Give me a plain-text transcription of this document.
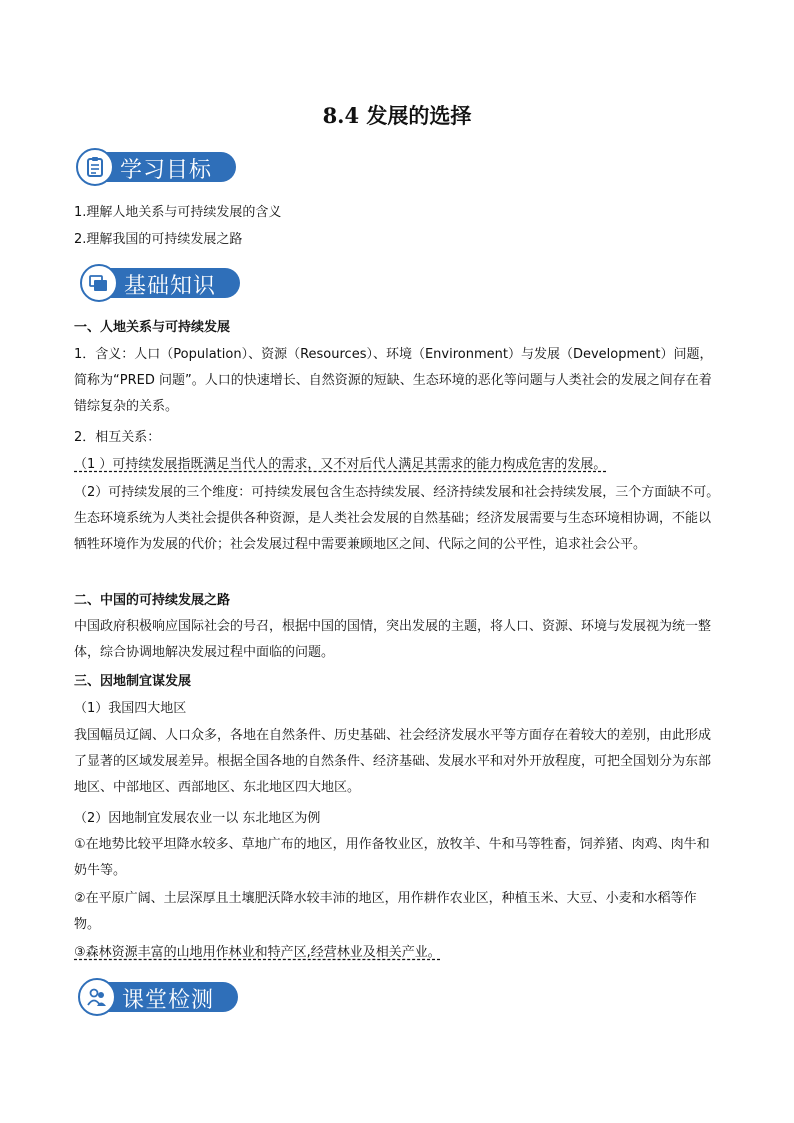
8.4 发展的选择
学习目标

1.理解人地关系与可持续发展的含义

2.理解我国的可持续发展之路

基础知识

一、人地关系与可持续发展

1．含义：人口（Population）、资源（Resources）、环境（Environment）与发展（Development）问题，简称为“PRED 问题”。人口的快速增长、自然资源的短缺、生态环境的恶化等问题与人类社会的发展之间存在着错综复杂的关系。

2．相互关系：

（1 ）可持续发展指既满足当代人的需求，又不对后代人满足其需求的能力构成危害的发展。

（2）可持续发展的三个维度：可持续发展包含生态持续发展、经济持续发展和社会持续发展，三个方面缺不可。生态环境系统为人类社会提供各种资源，是人类社会发展的自然基础；经济发展需要与生态环境相协调，不能以牺牲环境作为发展的代价；社会发展过程中需要兼顾地区之间、代际之间的公平性，追求社会公平。

二、中国的可持续发展之路

中国政府积极响应国际社会的号召，根据中国的国情，突出发展的主题，将人口、资源、环境与发展视为统一整体，综合协调地解决发展过程中面临的问题。

三、因地制宜谋发展

（1）我国四大地区

我国幅员辽阔、人口众多，各地在自然条件、历史基础、社会经济发展水平等方面存在着较大的差别，由此形成了显著的区域发展差异。根据全国各地的自然条件、经济基础、发展水平和对外开放程度，可把全国划分为东部地区、中部地区、西部地区、东北地区四大地区。

（2）因地制宜发展农业一以 东北地区为例

①在地势比较平坦降水较多、草地广布的地区，用作备牧业区，放牧羊、牛和马等牲畜，饲养猪、肉鸡、肉牛和奶牛等。

②在平原广阔、土层深厚且土壤肥沃降水较丰沛的地区，用作耕作农业区，种植玉米、大豆、小麦和水稻等作物。

③森林资源丰富的山地用作林业和特产区,经营林业及相关产业。

课堂检测
